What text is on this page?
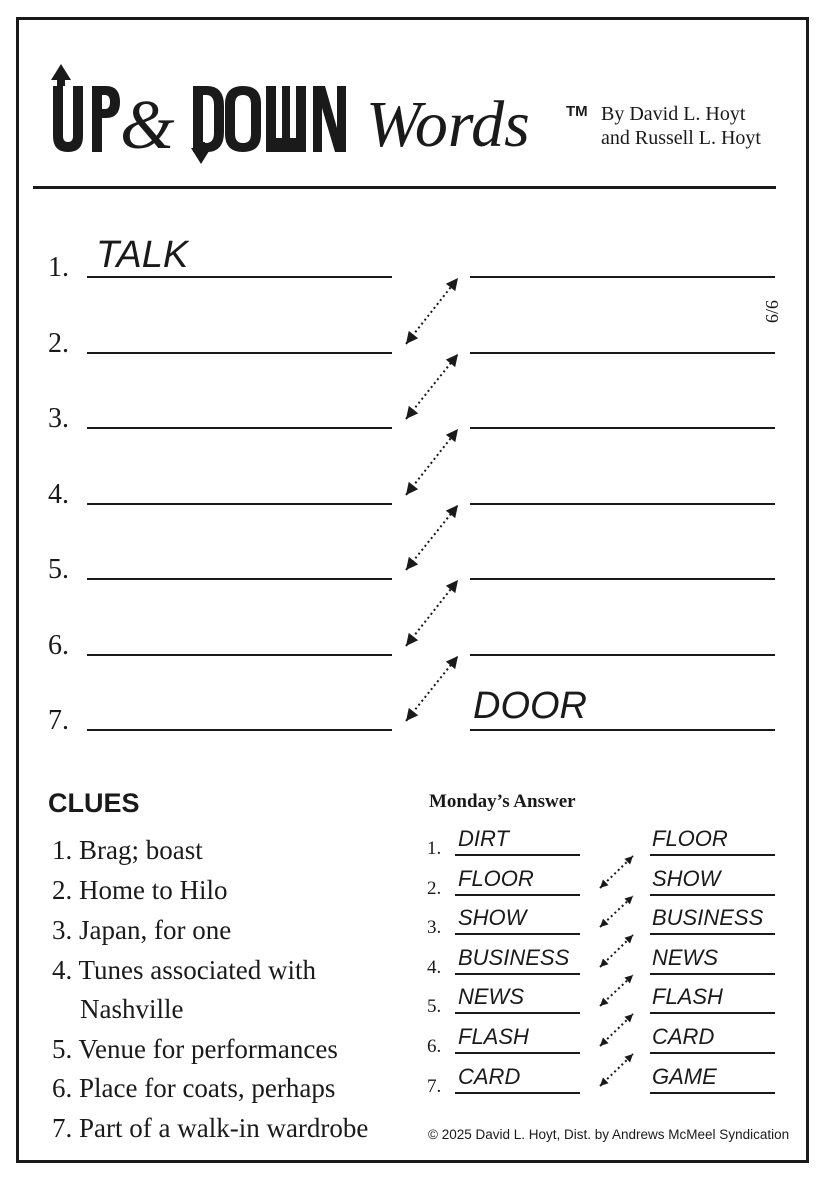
&	Words TM By David L. Hoyt
and Russell L. Hoyt
9/9
1. TALK
2.
3.
4.
5.
6.
7.	DOOR
CLUES
1. Brag; boast
2. Home to Hilo
3. Japan, for one
4. Tunes associated with
Nashville
5. Venue for performances
6. Place for coats, perhaps
7. Part of a walk-in wardrobe
Monday’s Answer
1. DIRT	FLOOR
2. FLOOR	SHOW
3. SHOW	BUSINESS
4. BUSINESS	NEWS
5. NEWS	FLASH
6. FLASH	CARD
7. CARD	GAME
© 2025 David L. Hoyt, Dist. by Andrews McMeel Syndication
